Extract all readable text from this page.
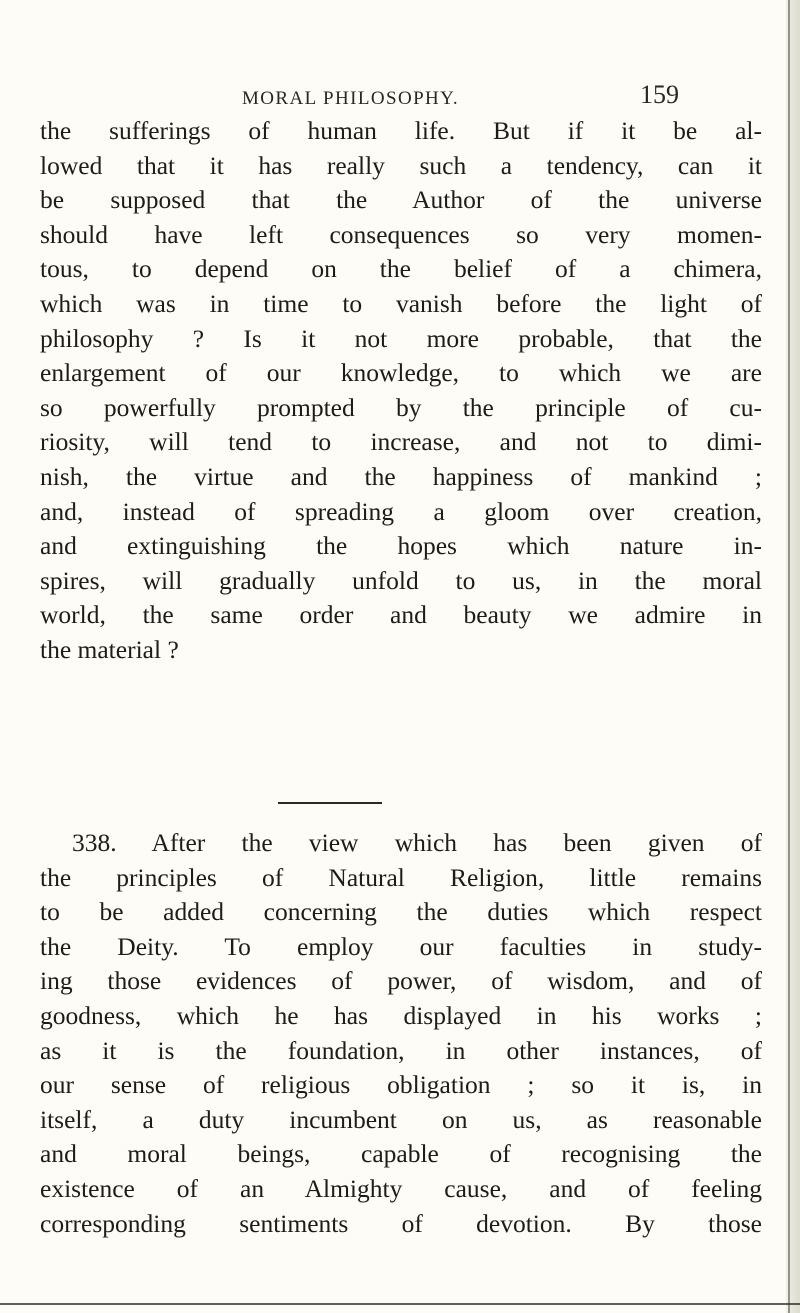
MORAL PHILOSOPHY.	159
the sufferings of human life. But if it be al-
lowed that it has really such a tendency, can it
be supposed that the Author of the universe
should have left consequences so very momen-
tous, to depend on the belief of a chimera,
which was in time to vanish before the light of
philosophy ? Is it not more probable, that the
enlargement of our knowledge, to which we are
so powerfully prompted by the principle of cu-
riosity, will tend to increase, and not to dimi-
nish, the virtue and the happiness of mankind ;
and, instead of spreading a gloom over creation,
and extinguishing the hopes which nature in-
spires, will gradually unfold to us, in the moral
world, the same order and beauty we admire in
the material ?
338. After the view which has been given of
the principles of Natural Religion, little remains
to be added concerning the duties which respect
the Deity. To employ our faculties in study-
ing those evidences of power, of wisdom, and of
goodness, which he has displayed in his works ;
as it is the foundation, in other instances, of
our sense of religious obligation ; so it is, in
itself, a duty incumbent on us, as reasonable
and moral beings, capable of recognising the
existence of an Almighty cause, and of feeling
corresponding sentiments of devotion. By those
